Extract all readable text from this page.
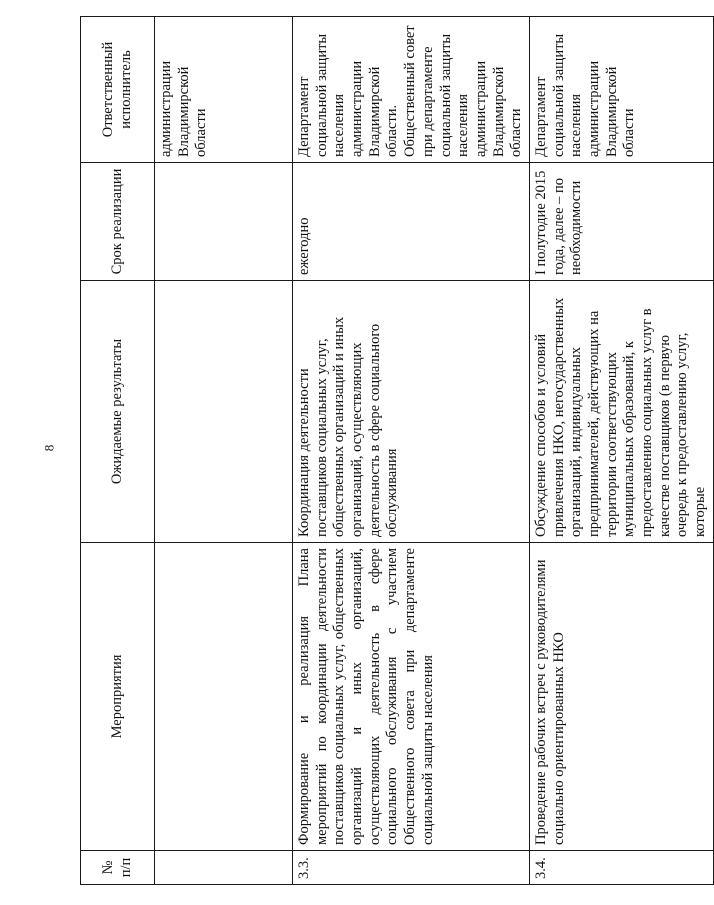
8
№ п/п	Мероприятия	Ожидаемые результаты	Срок реализации	Ответственный исполнитель
				администрации Владимирской области
3.3.	Формирование и реализация Плана мероприятий по координации деятельности поставщиков социальных услуг, общественных организаций и иных организаций, осуществляющих деятельность в сфере социального обслуживания с участием Общественного совета при департаменте социальной защиты населения	Координация деятельности поставщиков социальных услуг, общественных организаций и иных организаций, осуществляющих деятельность в сфере социального обслуживания	ежегодно	Департамент социальной защиты населения администрации Владимирской области. Общественный совет при департаменте социальной защиты населения администрации Владимирской области
3.4.	Проведение рабочих встреч с руководителями социально ориентированных НКО	Обсуждение способов и условий привлечения НКО, негосударственных организаций, индивидуальных предпринимателей, действующих на территории соответствующих муниципальных образований, к предоставлению социальных услуг в качестве поставщиков (в первую очередь к предоставлению услуг, которые	I полугодие 2015 года, далее – по необходимости	Департамент социальной защиты населения администрации Владимирской области
